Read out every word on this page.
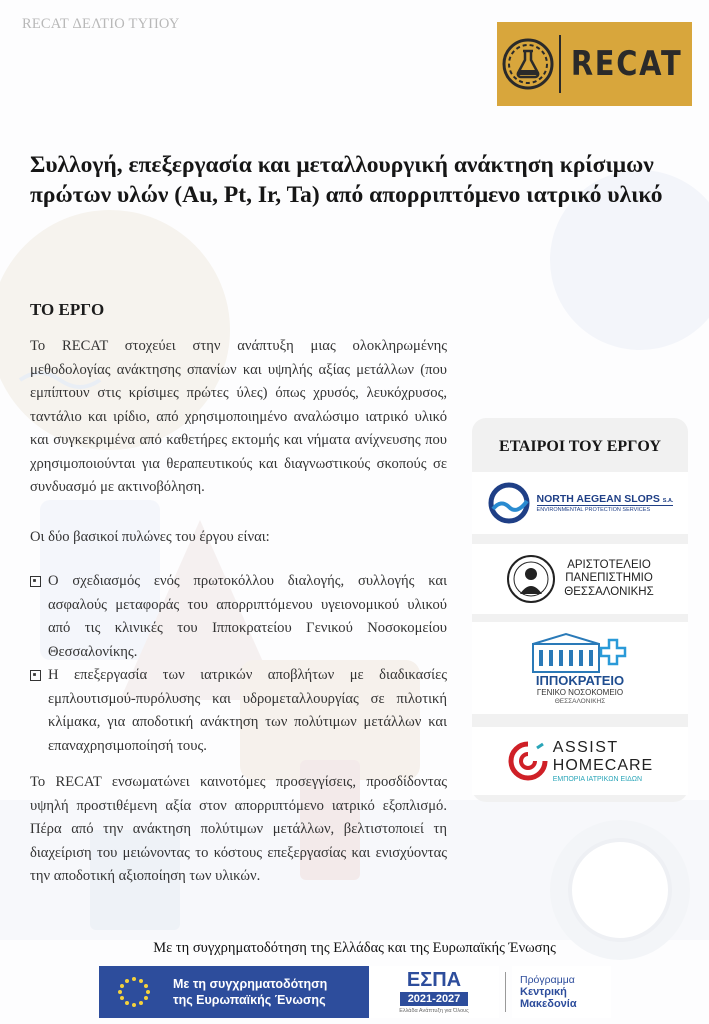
RECAT ΔΕΛΤΙΟ ΤΥΠΟΥ
RECAT
Συλλογή, επεξεργασία και μεταλλουργική ανάκτηση κρίσιμων πρώτων υλών (Au, Pt, Ir, Ta) από απορριπτόμενο ιατρικό υλικό
ΤΟ ΕΡΓΟ

Το RECAT στοχεύει στην ανάπτυξη μιας ολοκληρωμένης μεθοδολογίας ανάκτησης σπανίων και υψηλής αξίας μετάλλων (που εμπίπτουν στις κρίσιμες πρώτες ύλες) όπως χρυσός, λευκόχρυσος, ταντάλιο και ιρίδιο, από χρησιμοποιημένο αναλώσιμο ιατρικό υλικό και συγκεκριμένα από καθετήρες εκτομής και νήματα ανίχνευσης που χρησιμοποιούνται για θεραπευτικούς και διαγνωστικούς σκοπούς σε συνδυασμό με ακτινοβόληση.

Οι δύο βασικοί πυλώνες του έργου είναι:

Ο σχεδιασμός ενός πρωτοκόλλου διαλογής, συλλογής και ασφαλούς μεταφοράς του απορριπτόμενου υγειονομικού υλικού από τις κλινικές του Ιπποκρατείου Γενικού Νοσοκομείου Θεσσαλονίκης.
Η επεξεργασία των ιατρικών αποβλήτων με διαδικασίες εμπλουτισμού-πυρόλυσης και υδρομεταλλουργίας σε πιλοτική κλίμακα, για αποδοτική ανάκτηση των πολύτιμων μετάλλων και επαναχρησιμοποίησή τους.

Το RECAT ενσωματώνει καινοτόμες προσεγγίσεις, προσδίδοντας υψηλή προστιθέμενη αξία στον απορριπτόμενο ιατρικό εξοπλισμό. Πέρα από την ανάκτηση πολύτιμων μετάλλων, βελτιστοποιεί τη διαχείριση του μειώνοντας το κόστους επεξεργασίας και ενισχύοντας την αποδοτική αξιοποίηση των υλικών.

ΕΤΑΙΡΟΙ ΤΟΥ ΕΡΓΟΥ
NORTH AEGEAN SLOPS S.A.
ENVIRONMENTAL PROTECTION SERVICES
ΑΡΙΣΤΟΤΕΛΕΙΟ
ΠΑΝΕΠΙΣΤΗΜΙΟ
ΘΕΣΣΑΛΟΝΙΚΗΣ
ΙΠΠΟΚΡΑΤΕΙΟ
ΓΕΝΙΚΟ ΝΟΣΟΚΟΜΕΙΟ
ΘΕΣΣΑΛΟΝΙΚΗΣ
ASSIST
HOMECARE
ΕΜΠΟΡΙΑ ΙΑΤΡΙΚΩΝ ΕΙΔΩΝ
Με τη συγχρηματοδότηση της Ελλάδας και της Ευρωπαϊκής Ένωσης
Με τη συγχρηματοδότηση
της Ευρωπαϊκής Ένωσης
ΕΣΠΑ
2021-2027
Ελλάδα Ανάπτυξη για Όλους
Πρόγραμμα
Κεντρική Μακεδονία
